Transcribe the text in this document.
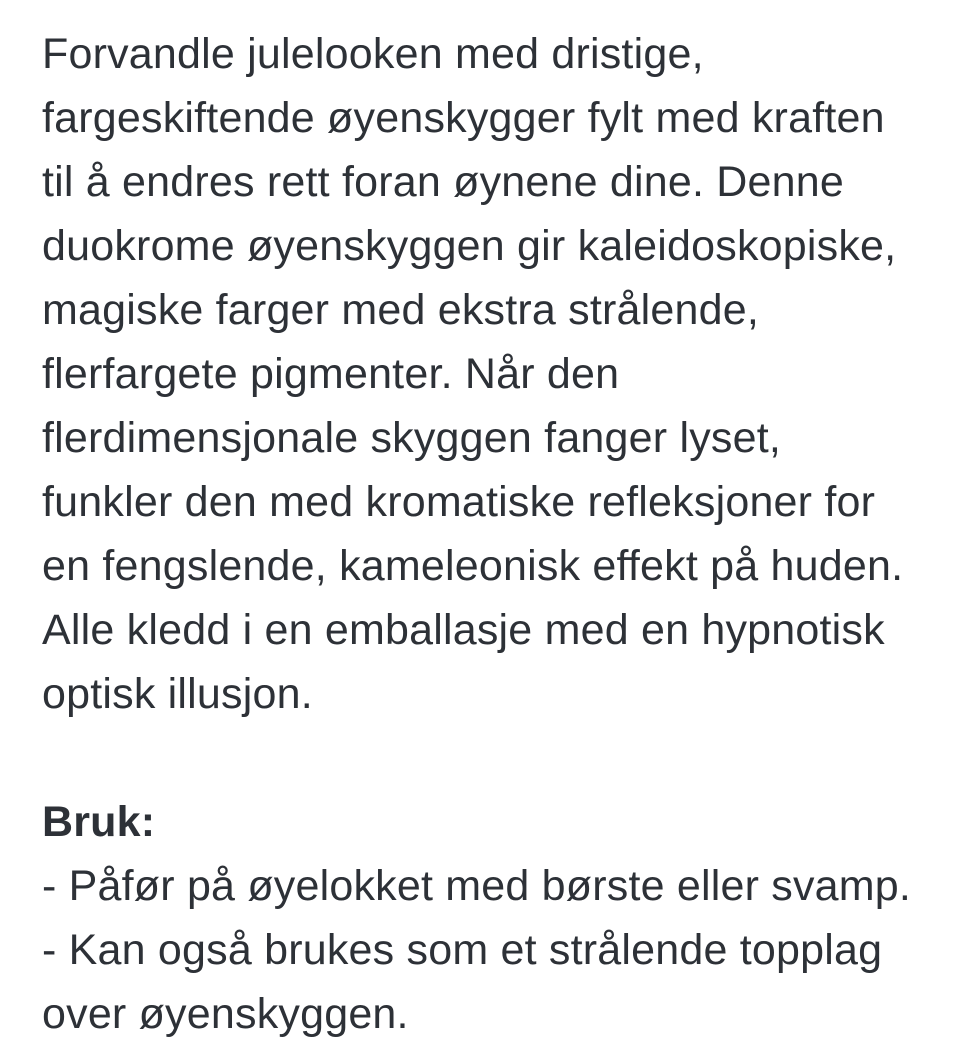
Forvandle julelooken med dristige, fargeskiftende øyenskygger fylt med kraften til å endres rett foran øynene dine. Denne duokrome øyenskyggen gir kaleidoskopiske, magiske farger med ekstra strålende, flerfargete pigmenter. Når den flerdimensjonale skyggen fanger lyset, funkler den med kromatiske refleksjoner for en fengslende, kameleonisk effekt på huden. Alle kledd i en emballasje med en hypnotisk optisk illusjon.

Bruk:

- Påfør på øyelokket med børste eller svamp.

- Kan også brukes som et strålende topplag over øyenskyggen.
